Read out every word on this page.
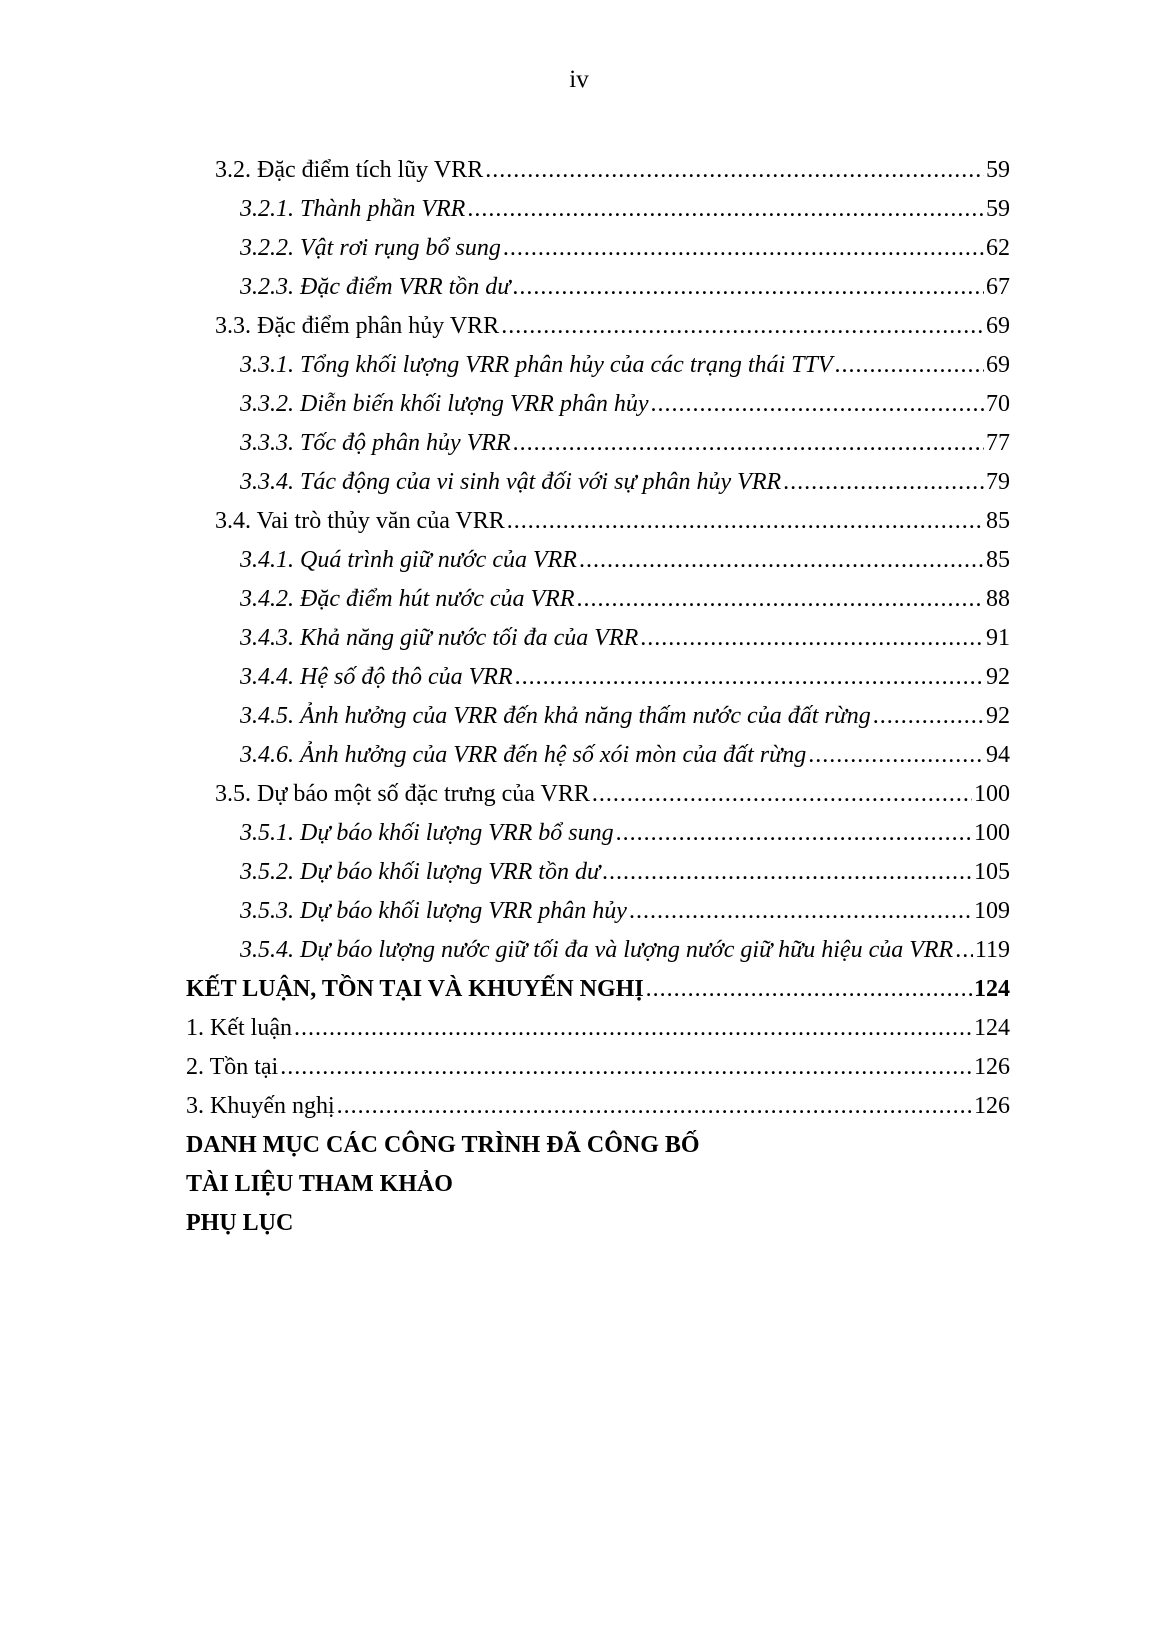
iv
3.2. Đặc điểm tích lũy VRR .....	59
3.2.1. Thành phần VRR .....	59
3.2.2. Vật rơi rụng bổ sung .....	62
3.2.3. Đặc điểm VRR tồn dư .....	67
3.3. Đặc điểm phân hủy VRR .....	69
3.3.1. Tổng khối lượng VRR phân hủy của các trạng thái TTV .....	69
3.3.2. Diễn biến khối lượng VRR phân hủy .....	70
3.3.3. Tốc độ phân hủy VRR .....	77
3.3.4. Tác động của vi sinh vật đối với sự phân hủy VRR .....	79
3.4. Vai trò thủy văn của VRR .....	85
3.4.1. Quá trình giữ nước của VRR .....	85
3.4.2. Đặc điểm hút nước của VRR .....	88
3.4.3. Khả năng giữ nước tối đa của VRR .....	91
3.4.4. Hệ số độ thô của VRR .....	92
3.4.5. Ảnh hưởng của VRR đến khả năng thấm nước của đất rừng .....	92
3.4.6. Ảnh hưởng của VRR đến hệ số xói mòn của đất rừng .....	94
3.5. Dự báo một số đặc trưng của VRR .....	100
3.5.1. Dự báo khối lượng VRR bổ sung .....	100
3.5.2. Dự báo khối lượng VRR tồn dư .....	105
3.5.3. Dự báo khối lượng VRR phân hủy .....	109
3.5.4. Dự báo lượng nước giữ tối đa và lượng nước giữ hữu hiệu của VRR ..... 119
KẾT LUẬN, TỒN TẠI VÀ KHUYẾN NGHỊ .....	124
1. Kết luận .....	124
2. Tồn tại .....	126
3. Khuyến nghị .....	126
DANH MỤC CÁC CÔNG TRÌNH ĐÃ CÔNG BỐ
TÀI LIỆU THAM KHẢO
PHỤ LỤC
